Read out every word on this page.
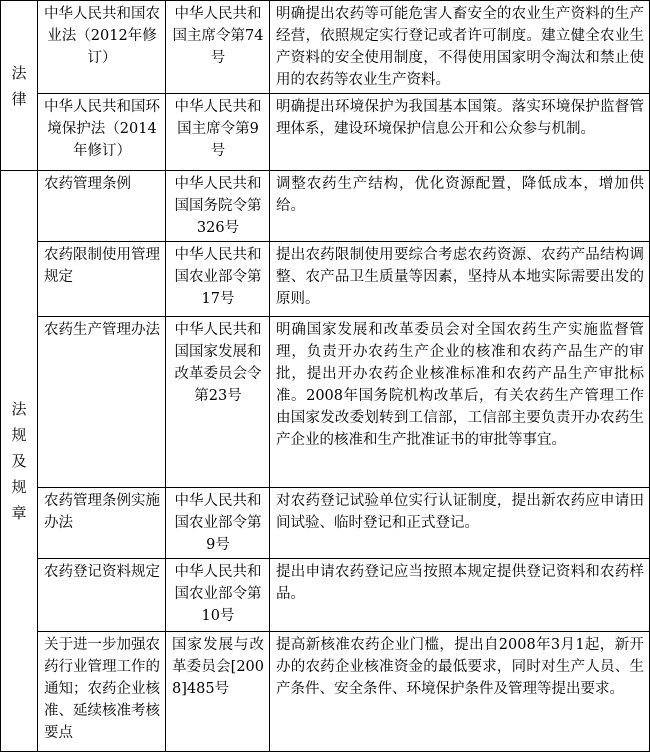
法律	中华人民共和国农业法（2012年修订）	中华人民共和国主席令第74号	明确提出农药等可能危害人畜安全的农业生产资料的生产经营，依照规定实行登记或者许可制度。建立健全农业生产资料的安全使用制度，不得使用国家明令淘汰和禁止使用的农药等农业生产资料。

	中华人民共和国环境保护法（2014年修订）	中华人民共和国主席令第9号	明确提出环境保护为我国基本国策。落实环境保护监督管理体系，建设环境保护信息公开和公众参与机制。

法规及规章	农药管理条例	中华人民共和国国务院令第326号	调整农药生产结构，优化资源配置，降低成本，增加供给。

	农药限制使用管理规定	中华人民共和国农业部令第17号	提出农药限制使用要综合考虑农药资源、农药产品结构调整、农产品卫生质量等因素，坚持从本地实际需要出发的原则。

	农药生产管理办法	中华人民共和国国家发展和改革委员会令第23号	明确国家发展和改革委员会对全国农药生产实施监督管理，负责开办农药生产企业的核准和农药产品生产的审批，提出开办农药企业核准标准和农药产品生产审批标准。2008年国务院机构改革后，有关农药生产管理工作由国家发改委划转到工信部，工信部主要负责开办农药生产企业的核准和生产批准证书的审批等事宜。

	农药管理条例实施办法	中华人民共和国农业部令第9号	对农药登记试验单位实行认证制度，提出新农药应申请田间试验、临时登记和正式登记。

	农药登记资料规定	中华人民共和国农业部令第10号	提出申请农药登记应当按照本规定提供登记资料和农药样品。

	关于进一步加强农药行业管理工作的通知；农药企业核准、延续核准考核要点	国家发展与改革委员会[2008]485号	提高新核准农药企业门槛，提出自2008年3月1起，新开办的农药企业核准资金的最低要求，同时对生产人员、生产条件、安全条件、环境保护条件及管理等提出要求。
